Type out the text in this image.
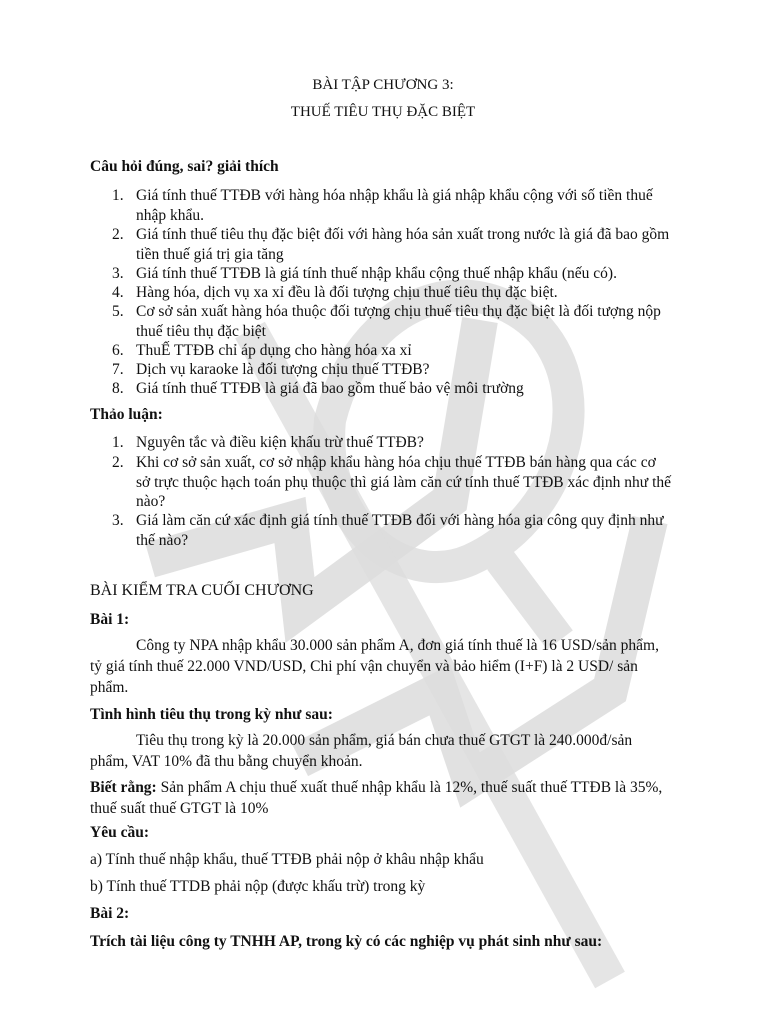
BÀI TẬP CHƯƠNG 3:
THUẾ TIÊU THỤ ĐẶC BIỆT
Câu hỏi đúng, sai? giải thích
1. Giá tính thuế TTĐB với hàng hóa nhập khẩu là giá nhập khẩu cộng với số tiền thuế nhập khẩu.
2. Giá tính thuế tiêu thụ đặc biệt đối với hàng hóa sản xuất trong nước là giá đã bao gồm tiền thuế giá trị gia tăng
3. Giá tính thuế TTĐB là giá tính thuế nhập khẩu cộng thuế nhập khẩu (nếu có).
4. Hàng hóa, dịch vụ xa xỉ đều là đối tượng chịu thuế tiêu thụ đặc biệt.
5. Cơ sở sản xuất hàng hóa thuộc đối tượng chịu thuế tiêu thụ đặc biệt là đối tượng nộp thuế tiêu thụ đặc biệt
6. ThuẾ TTĐB chỉ áp dụng cho hàng hóa xa xỉ
7. Dịch vụ karaoke là đối tượng chịu thuế TTĐB?
8. Giá tính thuế TTĐB là giá đã bao gồm thuế bảo vệ môi trường
Thảo luận:
1. Nguyên tắc và điều kiện khấu trừ thuế TTĐB?
2. Khi cơ sở sản xuất, cơ sở nhập khẩu hàng hóa chịu thuế TTĐB bán hàng qua các cơ sở trực thuộc hạch toán phụ thuộc thì giá làm căn cứ tính thuế TTĐB xác định như thế nào?
3. Giá làm căn cứ xác định giá tính thuế TTĐB đối với hàng hóa gia công quy định như thế nào?
BÀI KIỂM TRA CUỐI CHƯƠNG
Bài 1:
Công ty NPA nhập khẩu 30.000 sản phẩm A, đơn giá tính thuế là 16 USD/sản phẩm, tỷ giá tính thuế 22.000 VND/USD, Chi phí vận chuyển và bảo hiểm (I+F) là 2 USD/ sản phẩm.
Tình hình tiêu thụ trong kỳ như sau:
Tiêu thụ trong kỳ là 20.000 sản phẩm, giá bán chưa thuế GTGT là 240.000đ/sản phẩm, VAT 10% đã thu bằng chuyển khoản.
Biết rằng: Sản phẩm A chịu thuế xuất thuế nhập khẩu là 12%, thuế suất thuế TTĐB là 35%, thuế suất thuế GTGT là 10%
Yêu cầu:
a) Tính thuế nhập khẩu, thuế TTĐB phải nộp ở khâu nhập khẩu
b) Tính thuế TTDB phải nộp (được khấu trừ) trong kỳ
Bài 2:
Trích tài liệu công ty TNHH AP, trong kỳ có các nghiệp vụ phát sinh như sau:
